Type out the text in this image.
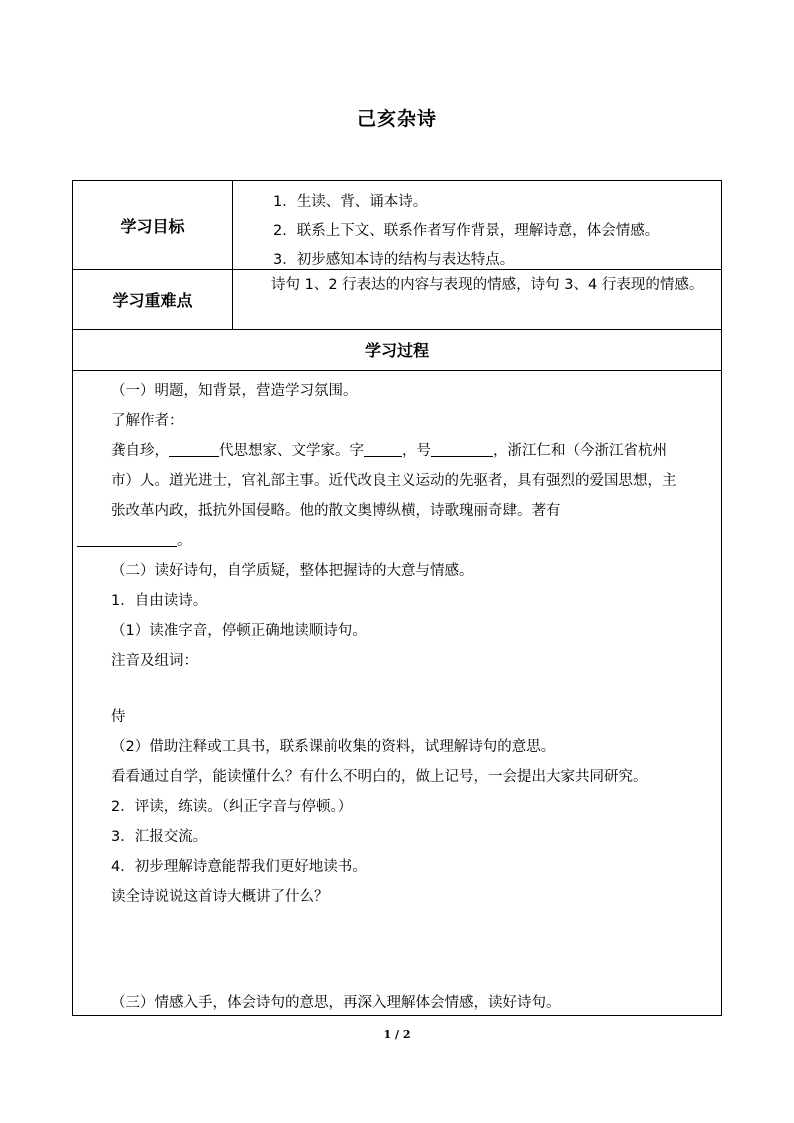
己亥杂诗
学习目标
1．生读、背、诵本诗。
2．联系上下文、联系作者写作背景，理解诗意，体会情感。
3．初步感知本诗的结构与表达特点。
学习重难点
诗句 1、2 行表达的内容与表现的情感，诗句 3、4 行表现的情感。
学习过程
（一）明题，知背景，营造学习氛围。
了解作者：
龚自珍，	代思想家、文学家。字	，号	，浙江仁和（今浙江省杭州
市）人。道光进士，官礼部主事。近代改良主义运动的先驱者，具有强烈的爱国思想，主
张改革内政，抵抗外国侵略。他的散文奥博纵横，诗歌瑰丽奇肆。著有
。
（二）读好诗句，自学质疑，整体把握诗的大意与情感。
1．自由读诗。
（1）读准字音，停顿正确地读顺诗句。
注音及组词：
侍
（2）借助注释或工具书，联系课前收集的资料，试理解诗句的意思。
看看通过自学，能读懂什么？有什么不明白的，做上记号，一会提出大家共同研究。
2．评读，练读。（纠正字音与停顿。）
3．汇报交流。
4．初步理解诗意能帮我们更好地读书。
读全诗说说这首诗大概讲了什么？
（三）情感入手，体会诗句的意思，再深入理解体会情感，读好诗句。
1 / 2
